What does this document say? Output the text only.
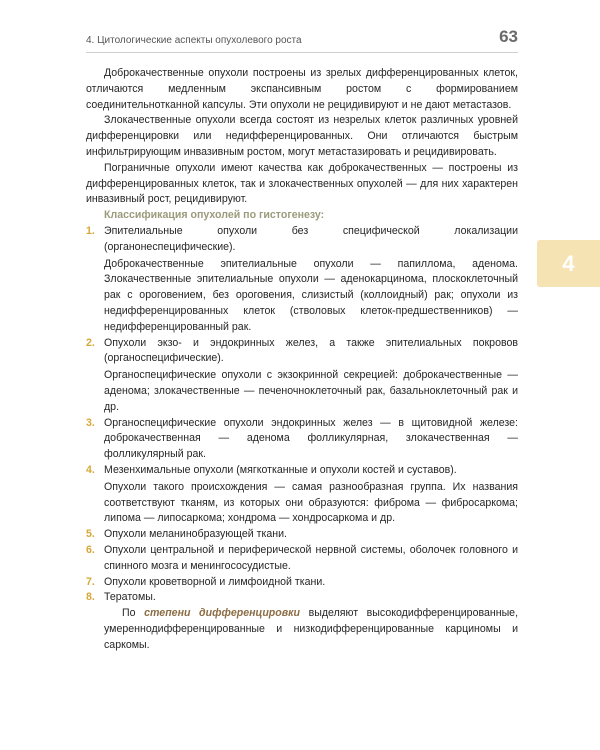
4. Цитологические аспекты опухолевого роста	63

Доброкачественные опухоли построены из зрелых дифференцированных клеток, отличаются медленным экспансивным ростом с формированием соединительнотканной капсулы. Эти опухоли не рецидивируют и не дают метастазов.

Злокачественные опухоли всегда состоят из незрелых клеток различных уровней дифференцировки или недифференцированных. Они отличаются быстрым инфильтрирующим инвазивным ростом, могут метастазировать и рецидивировать.

Пограничные опухоли имеют качества как доброкачественных — построены из дифференцированных клеток, так и злокачественных опухолей — для них характерен инвазивный рост, рецидивируют.

Классификация опухолей по гистогенезу:

1. Эпителиальные опухоли без специфической локализации (органонеспецифические).
Доброкачественные эпителиальные опухоли — папиллома, аденома. Злокачественные эпителиальные опухоли — аденокарцинома, плоскоклеточный рак с ороговением, без ороговения, слизистый (коллоидный) рак; опухоли из недифференцированных клеток (стволовых клеток-предшественников) — недифференцированный рак.
2. Опухоли экзо- и эндокринных желез, а также эпителиальных покровов (органоспецифические).
Органоспецифические опухоли с экзокринной секрецией: доброкачественные — аденома; злокачественные — печеночноклеточный рак, базальноклеточный рак и др.
3. Органоспецифические опухоли эндокринных желез — в щитовидной железе: доброкачественная — аденома фолликулярная, злокачественная — фолликулярный рак.
4. Мезенхимальные опухоли (мягкотканные и опухоли костей и суставов).
Опухоли такого происхождения — самая разнообразная группа. Их названия соответствуют тканям, из которых они образуются: фиброма — фибросаркома; липома — липосаркома; хондрома — хондросаркома и др.
5. Опухоли меланинобразующей ткани.
6. Опухоли центральной и периферической нервной системы, оболочек головного и спинного мозга и менингососудистые.
7. Опухоли кроветворной и лимфоидной ткани.
8. Тератомы.

По степени дифференцировки выделяют высокодифференцированные, умереннодифференцированные и низкодифференцированные карциномы и саркомы.

4
